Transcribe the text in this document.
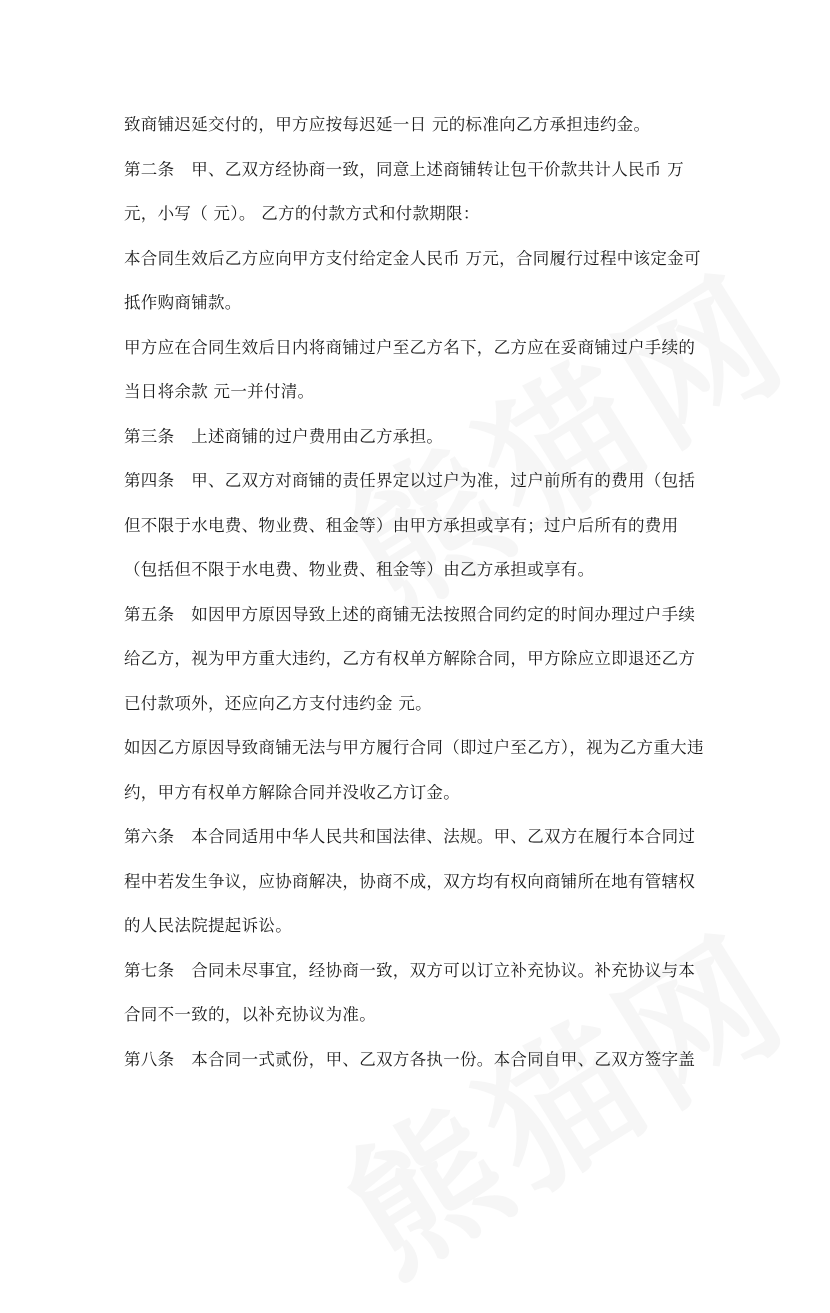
致商铺迟延交付的，甲方应按每迟延一日 元的标准向乙方承担违约金。
第二条　甲、乙双方经协商一致，同意上述商铺转让包干价款共计人民币 万
元，小写（ 元）。 乙方的付款方式和付款期限：
本合同生效后乙方应向甲方支付给定金人民币 万元，合同履行过程中该定金可
抵作购商铺款。
甲方应在合同生效后日内将商铺过户至乙方名下，乙方应在妥商铺过户手续的
当日将余款 元一并付清。
第三条　上述商铺的过户费用由乙方承担。
第四条　甲、乙双方对商铺的责任界定以过户为准，过户前所有的费用（包括
但不限于水电费、物业费、租金等）由甲方承担或享有；过户后所有的费用
（包括但不限于水电费、物业费、租金等）由乙方承担或享有。
第五条　如因甲方原因导致上述的商铺无法按照合同约定的时间办理过户手续
给乙方，视为甲方重大违约，乙方有权单方解除合同，甲方除应立即退还乙方
已付款项外，还应向乙方支付违约金 元。
如因乙方原因导致商铺无法与甲方履行合同（即过户至乙方），视为乙方重大违
约，甲方有权单方解除合同并没收乙方订金。
第六条　本合同适用中华人民共和国法律、法规。甲、乙双方在履行本合同过
程中若发生争议，应协商解决，协商不成，双方均有权向商铺所在地有管辖权
的人民法院提起诉讼。
第七条　合同未尽事宜，经协商一致，双方可以订立补充协议。补充协议与本
合同不一致的，以补充协议为准。
第八条　本合同一式贰份，甲、乙双方各执一份。本合同自甲、乙双方签字盖
